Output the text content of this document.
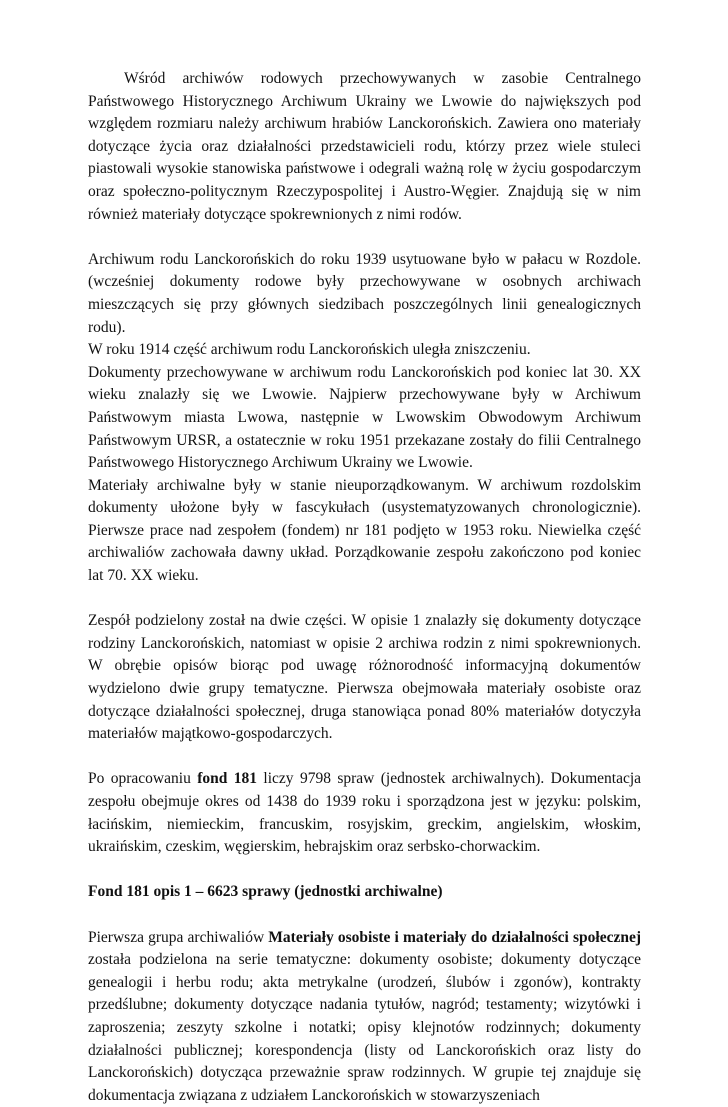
Wśród archiwów rodowych przechowywanych w zasobie Centralnego Państwowego Historycznego Archiwum Ukrainy we Lwowie do największych pod względem rozmiaru należy archiwum hrabiów Lanckorońskich. Zawiera ono materiały dotyczące życia oraz działalności przedstawicieli rodu, którzy przez wiele stuleci piastowali wysokie stanowiska państwowe i odegrali ważną rolę w życiu gospodarczym oraz społeczno-politycznym Rzeczypospolitej i Austro-Węgier. Znajdują się w nim również materiały dotyczące spokrewnionych z nimi rodów.

Archiwum rodu Lanckorońskich do roku 1939 usytuowane było w pałacu w Rozdole. (wcześniej dokumenty rodowe były przechowywane w osobnych archiwach mieszczących się przy głównych siedzibach poszczególnych linii genealogicznych rodu).

W roku 1914 część archiwum rodu Lanckorońskich uległa zniszczeniu.

Dokumenty przechowywane w archiwum rodu Lanckorońskich pod koniec lat 30. XX wieku znalazły się we Lwowie. Najpierw przechowywane były w Archiwum Państwowym miasta Lwowa, następnie w Lwowskim Obwodowym Archiwum Państwowym URSR, a ostatecznie w roku 1951 przekazane zostały do filii Centralnego Państwowego Historycznego Archiwum Ukrainy we Lwowie.

Materiały archiwalne były w stanie nieuporządkowanym. W archiwum rozdolskim dokumenty ułożone były w fascykułach (usystematyzowanych chronologicznie). Pierwsze prace nad zespołem (fondem) nr 181 podjęto w 1953 roku. Niewielka część archiwaliów zachowała dawny układ. Porządkowanie zespołu zakończono pod koniec lat 70. XX wieku.

Zespół podzielony został na dwie części. W opisie 1 znalazły się dokumenty dotyczące rodziny Lanckorońskich, natomiast w opisie 2 archiwa rodzin z nimi spokrewnionych. W obrębie opisów biorąc pod uwagę różnorodność informacyjną dokumentów wydzielono dwie grupy tematyczne. Pierwsza obejmowała materiały osobiste oraz dotyczące działalności społecznej, druga stanowiąca ponad 80% materiałów dotyczyła materiałów majątkowo-gospodarczych.

Po opracowaniu fond 181 liczy 9798 spraw (jednostek archiwalnych). Dokumentacja zespołu obejmuje okres od 1438 do 1939 roku i sporządzona jest w języku: polskim, łacińskim, niemieckim, francuskim, rosyjskim, greckim, angielskim, włoskim, ukraińskim, czeskim, węgierskim, hebrajskim oraz serbsko-chorwackim.

Fond 181 opis 1 – 6623 sprawy (jednostki archiwalne)

Pierwsza grupa archiwaliów Materiały osobiste i materiały do działalności społecznej została podzielona na serie tematyczne: dokumenty osobiste; dokumenty dotyczące genealogii i herbu rodu; akta metrykalne (urodzeń, ślubów i zgonów), kontrakty przedślubne; dokumenty dotyczące nadania tytułów, nagród; testamenty; wizytówki i zaproszenia; zeszyty szkolne i notatki; opisy klejnotów rodzinnych; dokumenty działalności publicznej; korespondencja (listy od Lanckorońskich oraz listy do Lanckorońskich) dotycząca przeważnie spraw rodzinnych. W grupie tej znajduje się dokumentacja związana z udziałem Lanckorońskich w stowarzyszeniach
